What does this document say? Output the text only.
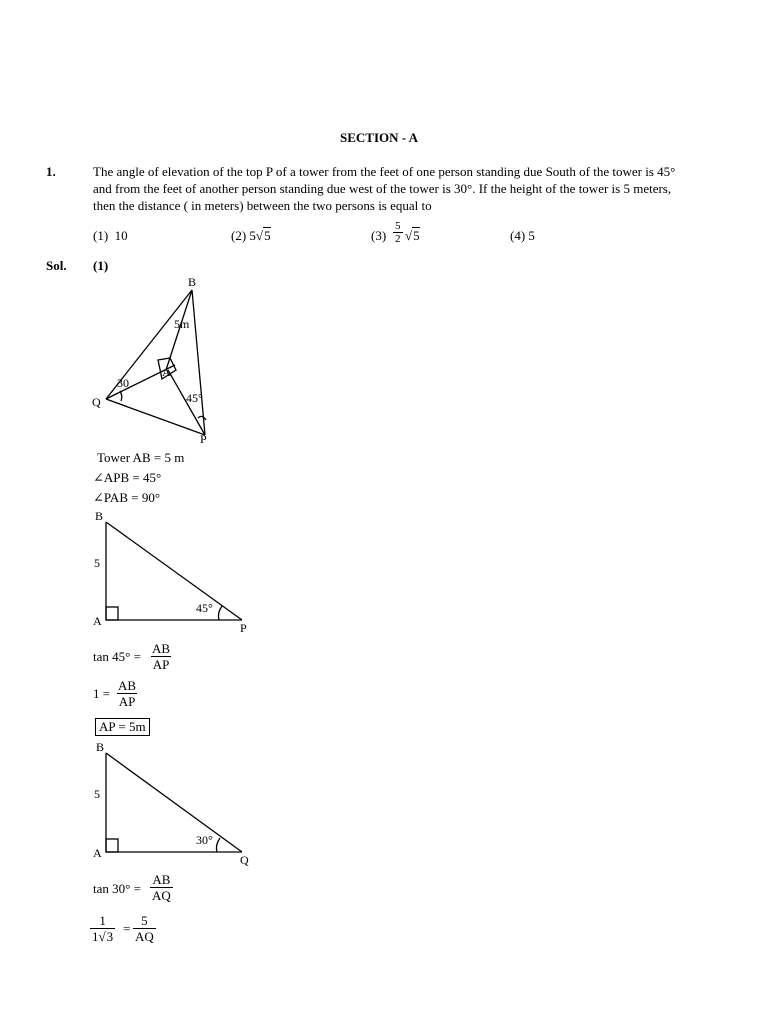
SECTION - A
1.	The angle of elevation of the top P of a tower from the feet of one person standing due South of the tower is 45°
and from the feet of another person standing due west of the tower is 30°. If the height of the tower is 5 meters,
then the distance ( in meters) between the two persons is equal to
(1) 10	(2) 5√5	$(3) \frac{5}{2} √5$	(4) 5
Sol. (1)
B
Q
P
A
5m
30
45°
Tower AB = 5 m
∠APB = 45°
∠PAB = 90°
B
A	P
5
45°
$\tan 45^\circ = \frac{AB}{AP}$
$1 = \frac{AB}{AP}$
AP = 5m
B
A	Q
5
30°
$\tan 30^\circ = \frac{AB}{AQ}$
$\frac{1}{1√3} = \frac{5}{AQ}$
